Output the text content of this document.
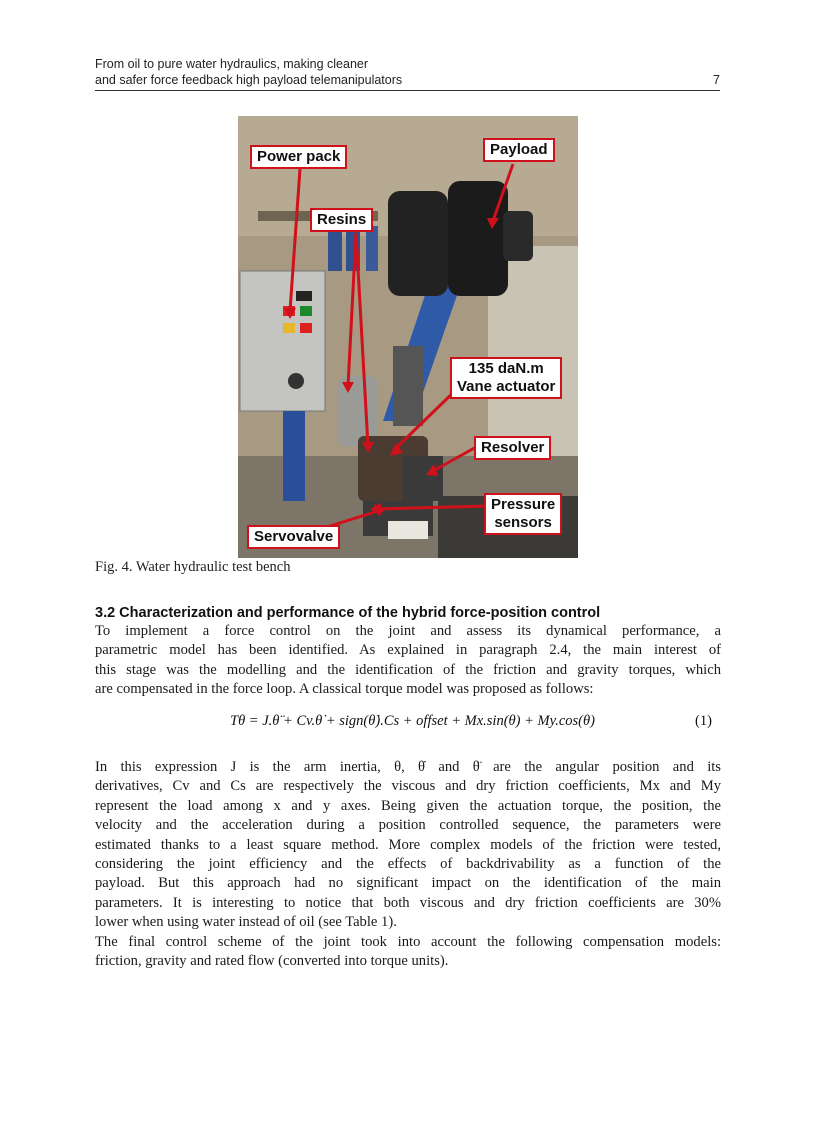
From oil to pure water hydraulics, making cleaner
and safer force feedback high payload telemanipulators	7
Power pack	Payload
Resins
135 daN.m
Vane actuator
Resolver
Pressure
sensors
Servovalve
Fig. 4. Water hydraulic test bench
3.2 Characterization and performance of the hybrid force-position control
To implement a force control on the joint and assess its dynamical performance, a
parametric model has been identified. As explained in paragraph 2.4, the main interest of
this stage was the modelling and the identification of the friction and gravity torques, which
are compensated in the force loop. A classical torque model was proposed as follows:
Tθ = J.θ̈ + Cv.θ̇ + sign(θ̇).Cs + offset + Mx.sin(θ) + My.cos(θ)	(1)
In this expression J is the arm inertia, θ, θ̇ and θ̈ are the angular position and its
derivatives, Cv and Cs are respectively the viscous and dry friction coefficients, Mx and My
represent the load among x and y axes. Being given the actuation torque, the position, the
velocity and the acceleration during a position controlled sequence, the parameters were
estimated thanks to a least square method. More complex models of the friction were tested,
considering the joint efficiency and the effects of backdrivability as a function of the
payload. But this approach had no significant impact on the identification of the main
parameters. It is interesting to notice that both viscous and dry friction coefficients are 30%
lower when using water instead of oil (see Table 1).
The final control scheme of the joint took into account the following compensation models:
friction, gravity and rated flow (converted into torque units).
